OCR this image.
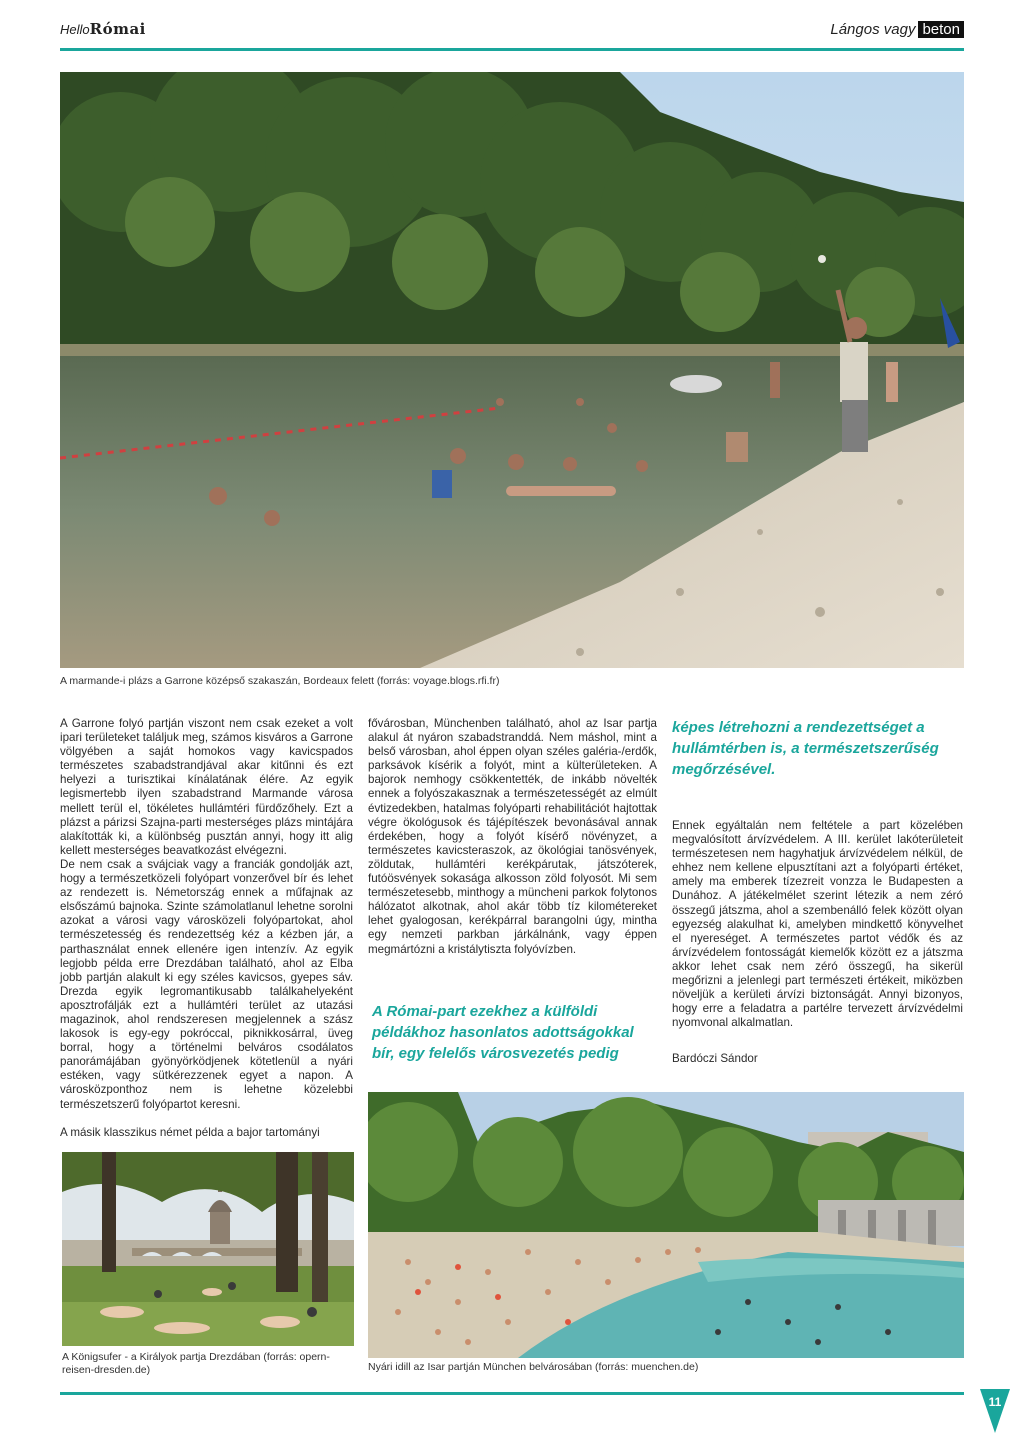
HelloRómai	Lángos vagy beton
A marmande-i plázs a Garrone középső szakaszán, Bordeaux felett (forrás: voyage.blogs.rfi.fr)

A Garrone folyó partján viszont nem csak ezeket a volt ipari területeket találjuk meg, számos kisváros a Garrone völgyében a saját homokos vagy kavicspados természetes szabadstrandjával akar kitűnni és ezt helyezi a turisztikai kínálatának élére. Az egyik legismertebb ilyen szabadstrand Marmande városa mellett terül el, tökéletes hullámtéri fürdőzőhely. Ezt a plázst a párizsi Szajna-parti mesterséges plázs mintájára alakították ki, a különbség pusztán annyi, hogy itt alig kellett mesterséges beavatkozást elvégezni.

De nem csak a svájciak vagy a franciák gondolják azt, hogy a természetközeli folyópart vonzerővel bír és lehet az rendezett is. Németország ennek a műfajnak az elsőszámú bajnoka. Szinte számolatlanul lehetne sorolni azokat a városi vagy városközeli folyópartokat, ahol természetesség és rendezettség kéz a kézben jár, a parthasználat ennek ellenére igen intenzív. Az egyik legjobb példa erre Drezdában található, ahol az Elba jobb partján alakult ki egy széles kavicsos, gyepes sáv. Drezda egyik legromantikusabb találkahelyeként aposztrofálják ezt a hullámtéri terület az utazási magazinok, ahol rendszeresen megjelennek a szász lakosok is egy-egy pokróccal, piknikkosárral, üveg borral, hogy a történelmi belváros csodálatos panorámájában gyönyörködjenek kötetlenül a nyári estéken, vagy sütkérezzenek egyet a napon. A városközponthoz nem is lehetne közelebbi természetszerű folyópartot keresni.

A másik klasszikus német példa a bajor tartományi

fővárosban, Münchenben található, ahol az Isar partja alakul át nyáron szabadstranddá. Nem máshol, mint a belső városban, ahol éppen olyan széles galéria-/erdők, parksávok kísérik a folyót, mint a külterületeken. A bajorok nemhogy csökkentették, de inkább növelték ennek a folyószakasznak a természetességét az elmúlt évtizedekben, hatalmas folyóparti rehabilitációt hajtottak végre ökológusok és tájépítészek bevonásával annak érdekében, hogy a folyót kísérő növényzet, a természetes kavicsteraszok, az ökológiai tanösvények, zöldutak, hullámtéri kerékpárutak, játszóterek, futóösvények sokasága alkosson zöld folyosót. Mi sem természetesebb, minthogy a müncheni parkok folytonos hálózatot alkotnak, ahol akár több tíz kilométereket lehet gyalogosan, kerékpárral barangolni úgy, mintha egy nemzeti parkban járkálnánk, vagy éppen megmártózni a kristálytiszta folyóvízben.

A Római-part ezekhez a külföldi példákhoz hasonlatos adottságokkal bír, egy felelős városvezetés pedig
képes létrehozni a rendezettséget a hullámtérben is, a természetszerűség megőrzésével.

Ennek egyáltalán nem feltétele a part közelében megvalósított árvízvédelem. A III. kerület lakóterületeit természetesen nem hagyhatjuk árvízvédelem nélkül, de ehhez nem kellene elpusztítani azt a folyóparti értéket, amely ma emberek tízezreit vonzza le Budapesten a Dunához. A játékelmélet szerint létezik a nem zéró összegű játszma, ahol a szembenálló felek között olyan egyezség alakulhat ki, amelyben mindkettő könyvelhet el nyereséget. A természetes partot védők és az árvízvédelem fontosságát kiemelők között ez a játszma akkor lehet csak nem zéró összegű, ha sikerül megőrizni a jelenlegi part természeti értékeit, miközben növeljük a kerületi árvízi biztonságát. Annyi bizonyos, hogy erre a feladatra a partélre tervezett árvízvédelmi nyomvonal alkalmatlan.

Bardóczi Sándor
A Königsufer - a Királyok partja Drezdában (forrás: opern-reisen-dresden.de)	Nyári idill az Isar partján München belvárosában (forrás: muenchen.de)
11
